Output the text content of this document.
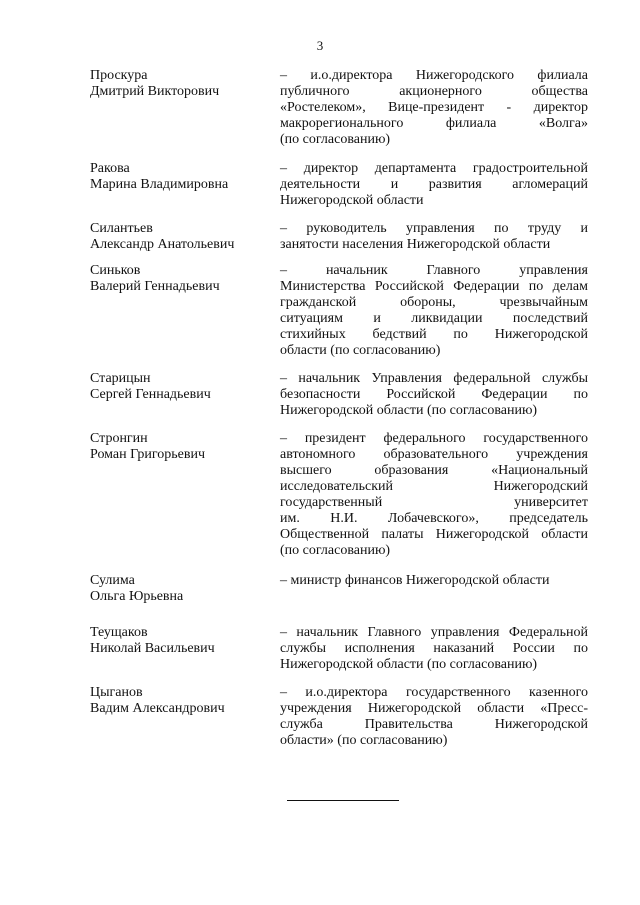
3
Проскура
Дмитрий Викторович
– и.о.директора Нижегородского филиала
публичного акционерного общества
«Ростелеком», Вице-президент - директор
макрорегионального филиала «Волга»
(по согласованию)
Ракова
Марина Владимировна
– директор департамента градостроительной
деятельности и развития агломераций
Нижегородской области
Силантьев
Александр Анатольевич
– руководитель управления по труду и
занятости населения Нижегородской области
Синьков
Валерий Геннадьевич
– начальник Главного управления
Министерства Российской Федерации по делам
гражданской обороны, чрезвычайным
ситуациям и ликвидации последствий
стихийных бедствий по Нижегородской
области (по согласованию)
Старицын
Сергей Геннадьевич
– начальник Управления федеральной службы
безопасности Российской Федерации по
Нижегородской области (по согласованию)
Стронгин
Роман Григорьевич
– президент федерального государственного
автономного образовательного учреждения
высшего образования «Национальный
исследовательский Нижегородский
государственный университет
им. Н.И. Лобачевского», председатель
Общественной палаты Нижегородской области
(по согласованию)
Сулима
Ольга Юрьевна
– министр финансов Нижегородской области
Теущаков
Николай Васильевич
– начальник Главного управления Федеральной
службы исполнения наказаний России по
Нижегородской области (по согласованию)
Цыганов
Вадим Александрович
– и.о.директора государственного казенного
учреждения Нижегородской области «Пресс-
служба Правительства Нижегородской
области» (по согласованию)
